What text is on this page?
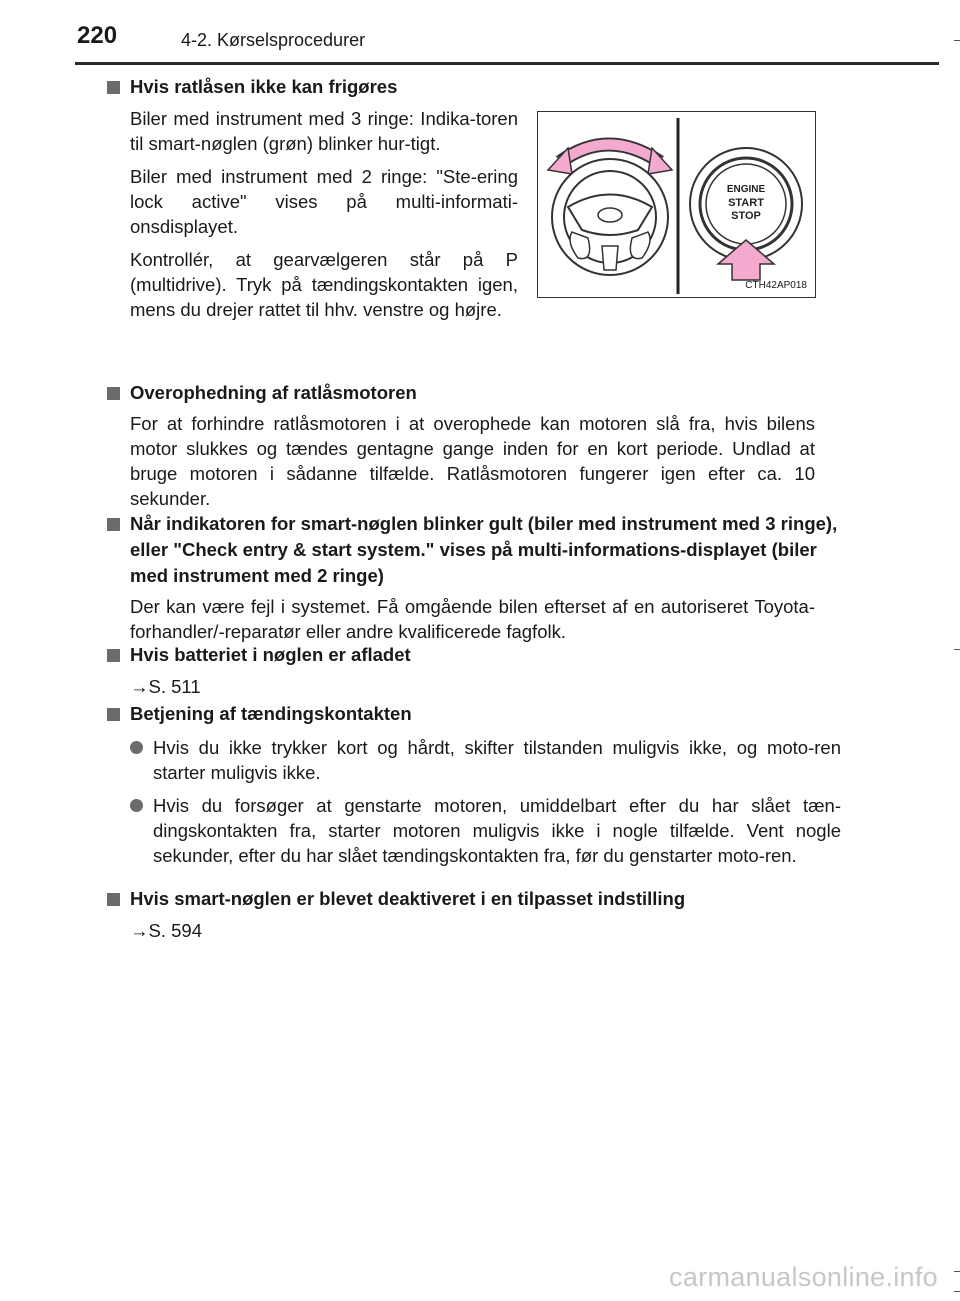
220	4-2. Kørselsprocedurer
Hvis ratlåsen ikke kan frigøres
Biler med instrument med 3 ringe: Indika-toren til smart-nøglen (grøn) blinker hur-tigt.
Biler med instrument med 2 ringe: "Ste-ering lock active" vises på multi-informati-onsdisplayet.
Kontrollér, at gearvælgeren står på P (multidrive). Tryk på tændingskontakten igen, mens du drejer rattet til hhv. venstre og højre.
ENGINE
START
STOP
CTH42AP018
Overophedning af ratlåsmotoren
For at forhindre ratlåsmotoren i at overophede kan motoren slå fra, hvis bilens motor slukkes og tændes gentagne gange inden for en kort periode. Undlad at bruge motoren i sådanne tilfælde. Ratlåsmotoren fungerer igen efter ca. 10 sekunder.
Når indikatoren for smart-nøglen blinker gult (biler med instrument med 3 ringe), eller "Check entry & start system." vises på multi-informations-displayet (biler med instrument med 2 ringe)
Der kan være fejl i systemet. Få omgående bilen efterset af en autoriseret Toyota-forhandler/-reparatør eller andre kvalificerede fagfolk.
Hvis batteriet i nøglen er afladet
→S. 511
Betjening af tændingskontakten
Hvis du ikke trykker kort og hårdt, skifter tilstanden muligvis ikke, og moto-ren starter muligvis ikke.
Hvis du forsøger at genstarte motoren, umiddelbart efter du har slået tæn-dingskontakten fra, starter motoren muligvis ikke i nogle tilfælde. Vent nogle sekunder, efter du har slået tændingskontakten fra, før du genstarter moto-ren.
Hvis smart-nøglen er blevet deaktiveret i en tilpasset indstilling
→S. 594
carmanualsonline.info
